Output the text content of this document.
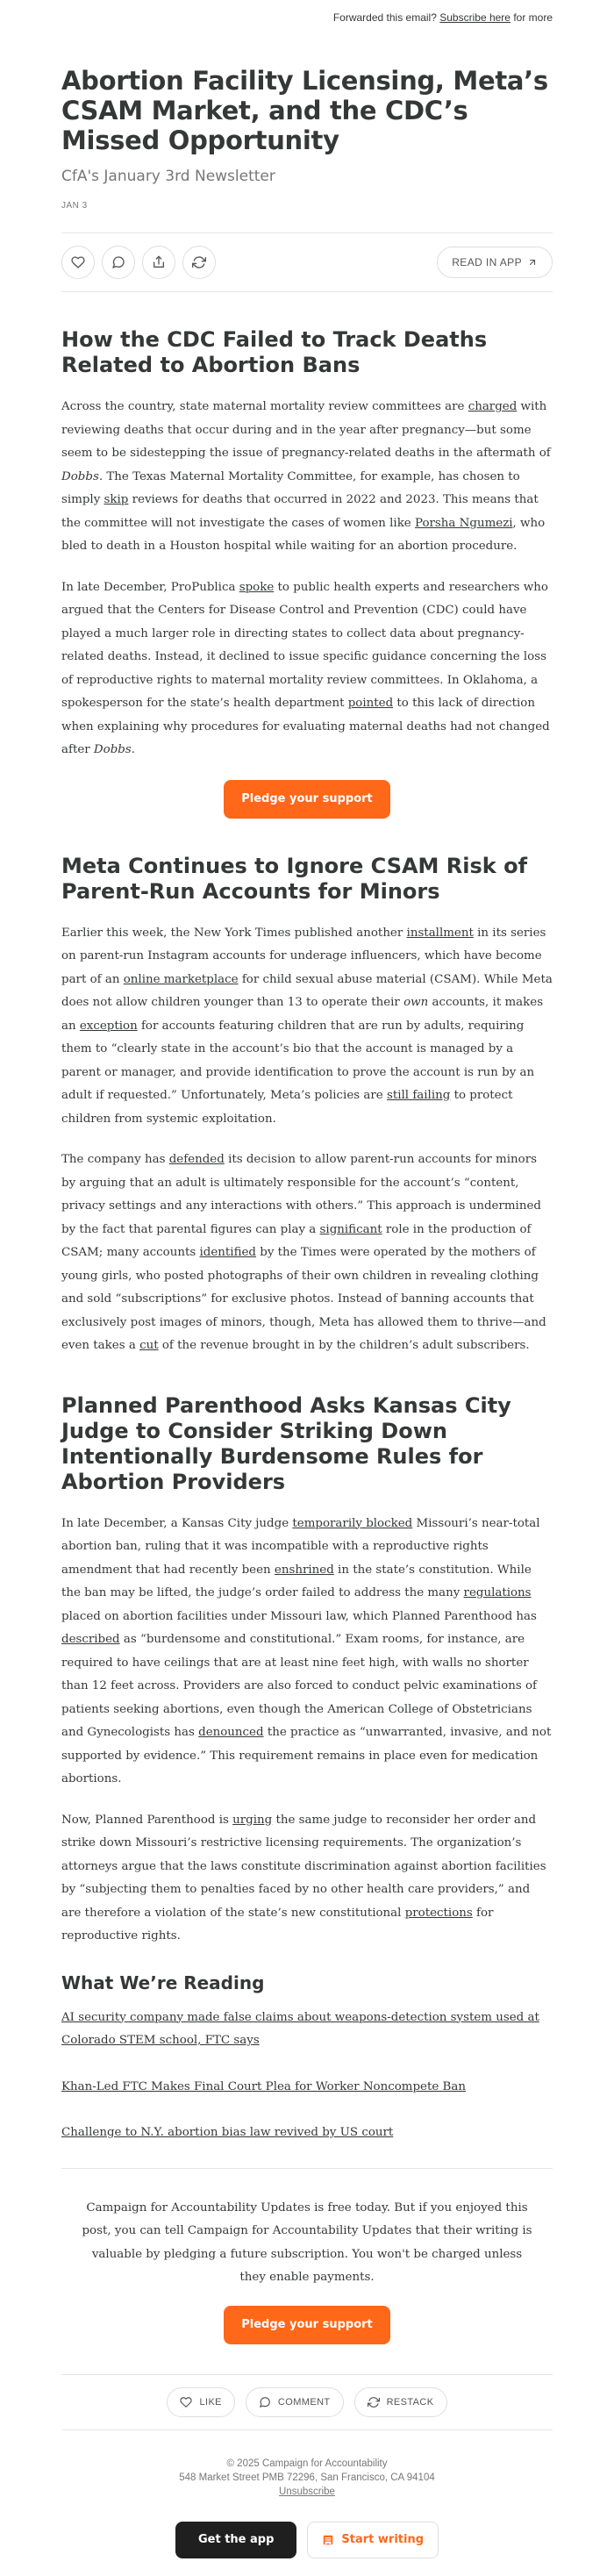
Forwarded this email? Subscribe here for more
Abortion Facility Licensing, Meta’s CSAM Market, and the CDC’s Missed Opportunity
CfA's January 3rd Newsletter
JAN 3
READ IN APP
How the CDC Failed to Track Deaths Related to Abortion Bans

Across the country, state maternal mortality review committees are charged with reviewing deaths that occur during and in the year after pregnancy—but some seem to be sidestepping the issue of pregnancy-related deaths in the aftermath of Dobbs. The Texas Maternal Mortality Committee, for example, has chosen to simply skip reviews for deaths that occurred in 2022 and 2023. This means that the committee will not investigate the cases of women like Porsha Ngumezi, who bled to death in a Houston hospital while waiting for an abortion procedure.

In late December, ProPublica spoke to public health experts and researchers who argued that the Centers for Disease Control and Prevention (CDC) could have played a much larger role in directing states to collect data about pregnancy-related deaths. Instead, it declined to issue specific guidance concerning the loss of reproductive rights to maternal mortality review committees. In Oklahoma, a spokesperson for the state’s health department pointed to this lack of direction when explaining why procedures for evaluating maternal deaths had not changed after Dobbs.

Pledge your support
Meta Continues to Ignore CSAM Risk of Parent-Run Accounts for Minors

Earlier this week, the New York Times published another installment in its series on parent-run Instagram accounts for underage influencers, which have become part of an online marketplace for child sexual abuse material (CSAM). While Meta does not allow children younger than 13 to operate their own accounts, it makes an exception for accounts featuring children that are run by adults, requiring them to “clearly state in the account’s bio that the account is managed by a parent or manager, and provide identification to prove the account is run by an adult if requested.” Unfortunately, Meta’s policies are still failing to protect children from systemic exploitation.

The company has defended its decision to allow parent-run accounts for minors by arguing that an adult is ultimately responsible for the account’s “content, privacy settings and any interactions with others.” This approach is undermined by the fact that parental figures can play a significant role in the production of CSAM; many accounts identified by the Times were operated by the mothers of young girls, who posted photographs of their own children in revealing clothing and sold “subscriptions” for exclusive photos. Instead of banning accounts that exclusively post images of minors, though, Meta has allowed them to thrive—and even takes a cut of the revenue brought in by the children’s adult subscribers.

Planned Parenthood Asks Kansas City Judge to Consider Striking Down Intentionally Burdensome Rules for Abortion Providers

In late December, a Kansas City judge temporarily blocked Missouri’s near-total abortion ban, ruling that it was incompatible with a reproductive rights amendment that had recently been enshrined in the state’s constitution. While the ban may be lifted, the judge’s order failed to address the many regulations placed on abortion facilities under Missouri law, which Planned Parenthood has described as “burdensome and constitutional.” Exam rooms, for instance, are required to have ceilings that are at least nine feet high, with walls no shorter than 12 feet across. Providers are also forced to conduct pelvic examinations of patients seeking abortions, even though the American College of Obstetricians and Gynecologists has denounced the practice as “unwarranted, invasive, and not supported by evidence.” This requirement remains in place even for medication abortions.

Now, Planned Parenthood is urging the same judge to reconsider her order and strike down Missouri’s restrictive licensing requirements. The organization’s attorneys argue that the laws constitute discrimination against abortion facilities by “subjecting them to penalties faced by no other health care providers,” and are therefore a violation of the state’s new constitutional protections for reproductive rights.

What We’re Reading

AI security company made false claims about weapons-detection system used at Colorado STEM school, FTC says

Khan-Led FTC Makes Final Court Plea for Worker Noncompete Ban

Challenge to N.Y. abortion bias law revived by US court

Campaign for Accountability Updates is free today. But if you enjoyed this post, you can tell Campaign for Accountability Updates that their writing is valuable by pledging a future subscription. You won't be charged unless they enable payments.
Pledge your support
LIKE	COMMENT	RESTACK
© 2025 Campaign for Accountability
548 Market Street PMB 72296, San Francisco, CA 94104
Unsubscribe
Get the app	Start writing
